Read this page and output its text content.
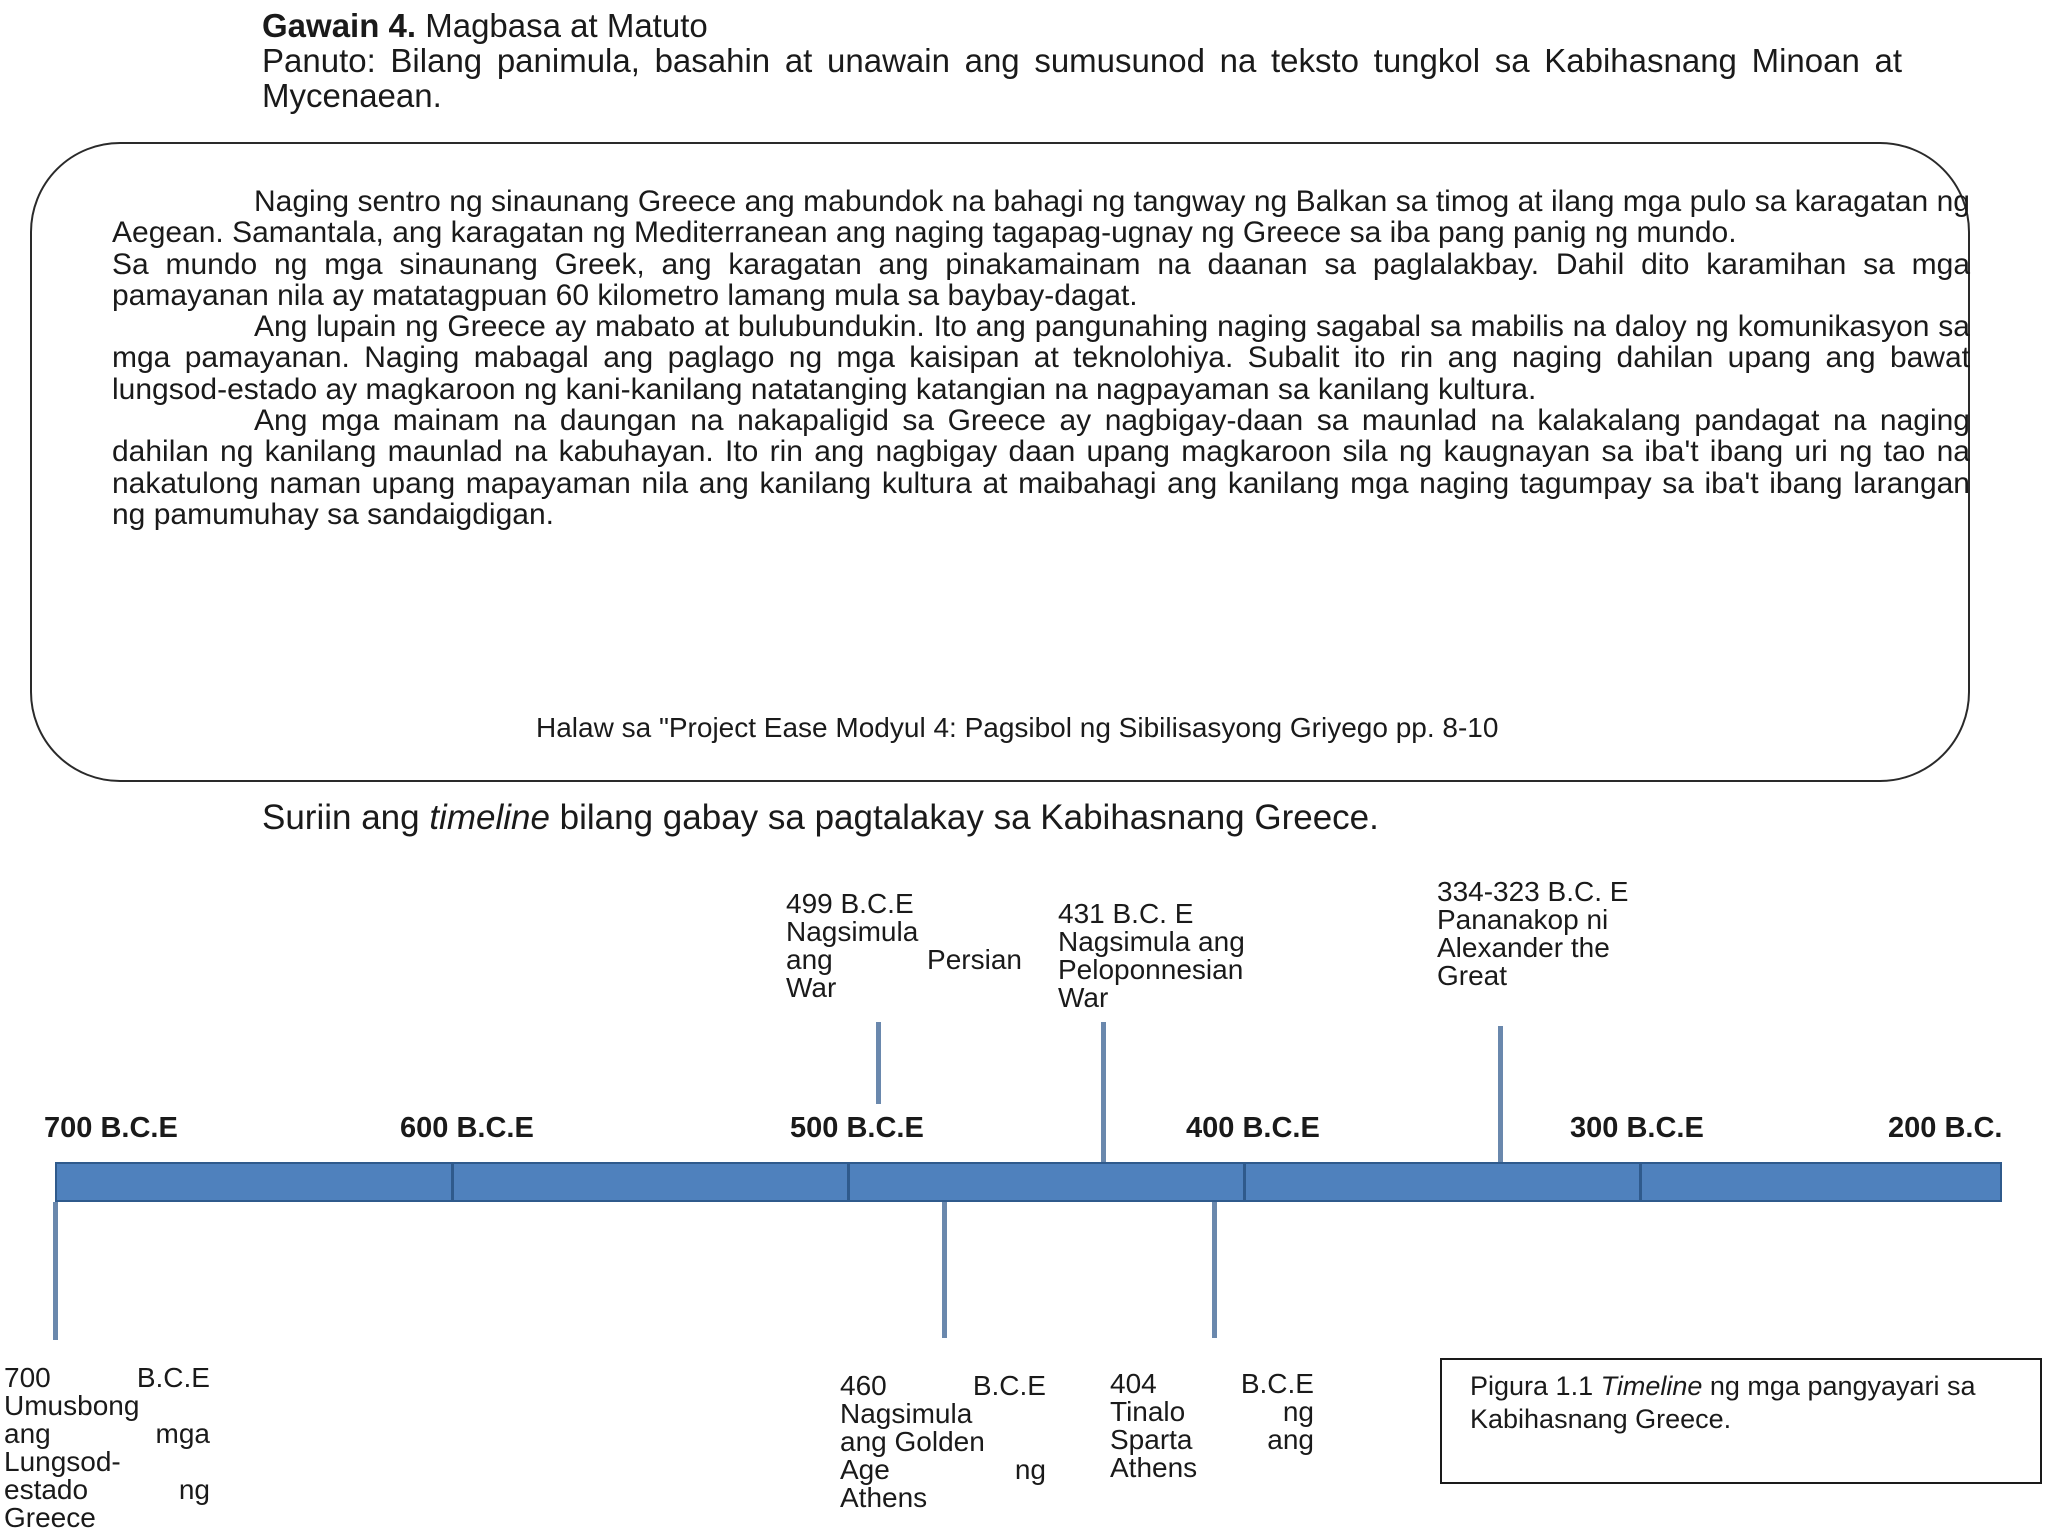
Gawain 4. Magbasa at Matuto
Panuto: Bilang panimula, basahin at unawain ang sumusunod na teksto tungkol sa Kabihasnang Minoan at Mycenaean.

Naging sentro ng sinaunang Greece ang mabundok na bahagi ng tangway ng Balkan sa timog at ilang mga pulo sa karagatan ng Aegean. Samantala, ang karagatan ng Mediterranean ang naging tagapag-ugnay ng Greece sa iba pang panig ng mundo.

Sa mundo ng mga sinaunang Greek, ang karagatan ang pinakamainam na daanan sa paglalakbay. Dahil dito karamihan sa mga pamayanan nila ay matatagpuan 60 kilometro lamang mula sa baybay-dagat.

Ang lupain ng Greece ay mabato at bulubundukin. Ito ang pangunahing naging sagabal sa mabilis na daloy ng komunikasyon sa mga pamayanan. Naging mabagal ang paglago ng mga kaisipan at teknolohiya. Subalit ito rin ang naging dahilan upang ang bawat lungsod-estado ay magkaroon ng kani-kanilang natatanging katangian na nagpayaman sa kanilang kultura.

Ang mga mainam na daungan na nakapaligid sa Greece ay nagbigay-daan sa maunlad na kalakalang pandagat na naging dahilan ng kanilang maunlad na kabuhayan. Ito rin ang nagbigay daan upang magkaroon sila ng kaugnayan sa iba't ibang uri ng tao na nakatulong naman upang mapayaman nila ang kanilang kultura at maibahagi ang kanilang mga naging tagumpay sa iba't ibang larangan ng pamumuhay sa sandaigdigan.

Halaw sa "Project Ease Modyul 4: Pagsibol ng Sibilisasyong Griyego pp. 8-10
Suriin ang timeline bilang gabay sa pagtalakay sa Kabihasnang Greece.
700 B.C.E	600 B.C.E	500 B.C.E	400 B.C.E	300 B.C.E	200 B.C.
499 B.C.E
Nagsimula
ang Persian
War
431 B.C. E
Nagsimula ang
Peloponnesian
War
334-323 B.C. E
Pananakop ni
Alexander the
Great
700 B.C.E
Umusbong
ang mga
Lungsod-
estado ng
Greece
460 B.C.E
Nagsimula
ang Golden
Age ng
Athens
404 B.C.E
Tinalo ng
Sparta ang
Athens
Pigura 1.1 Timeline ng mga pangyayari sa Kabihasnang Greece.
